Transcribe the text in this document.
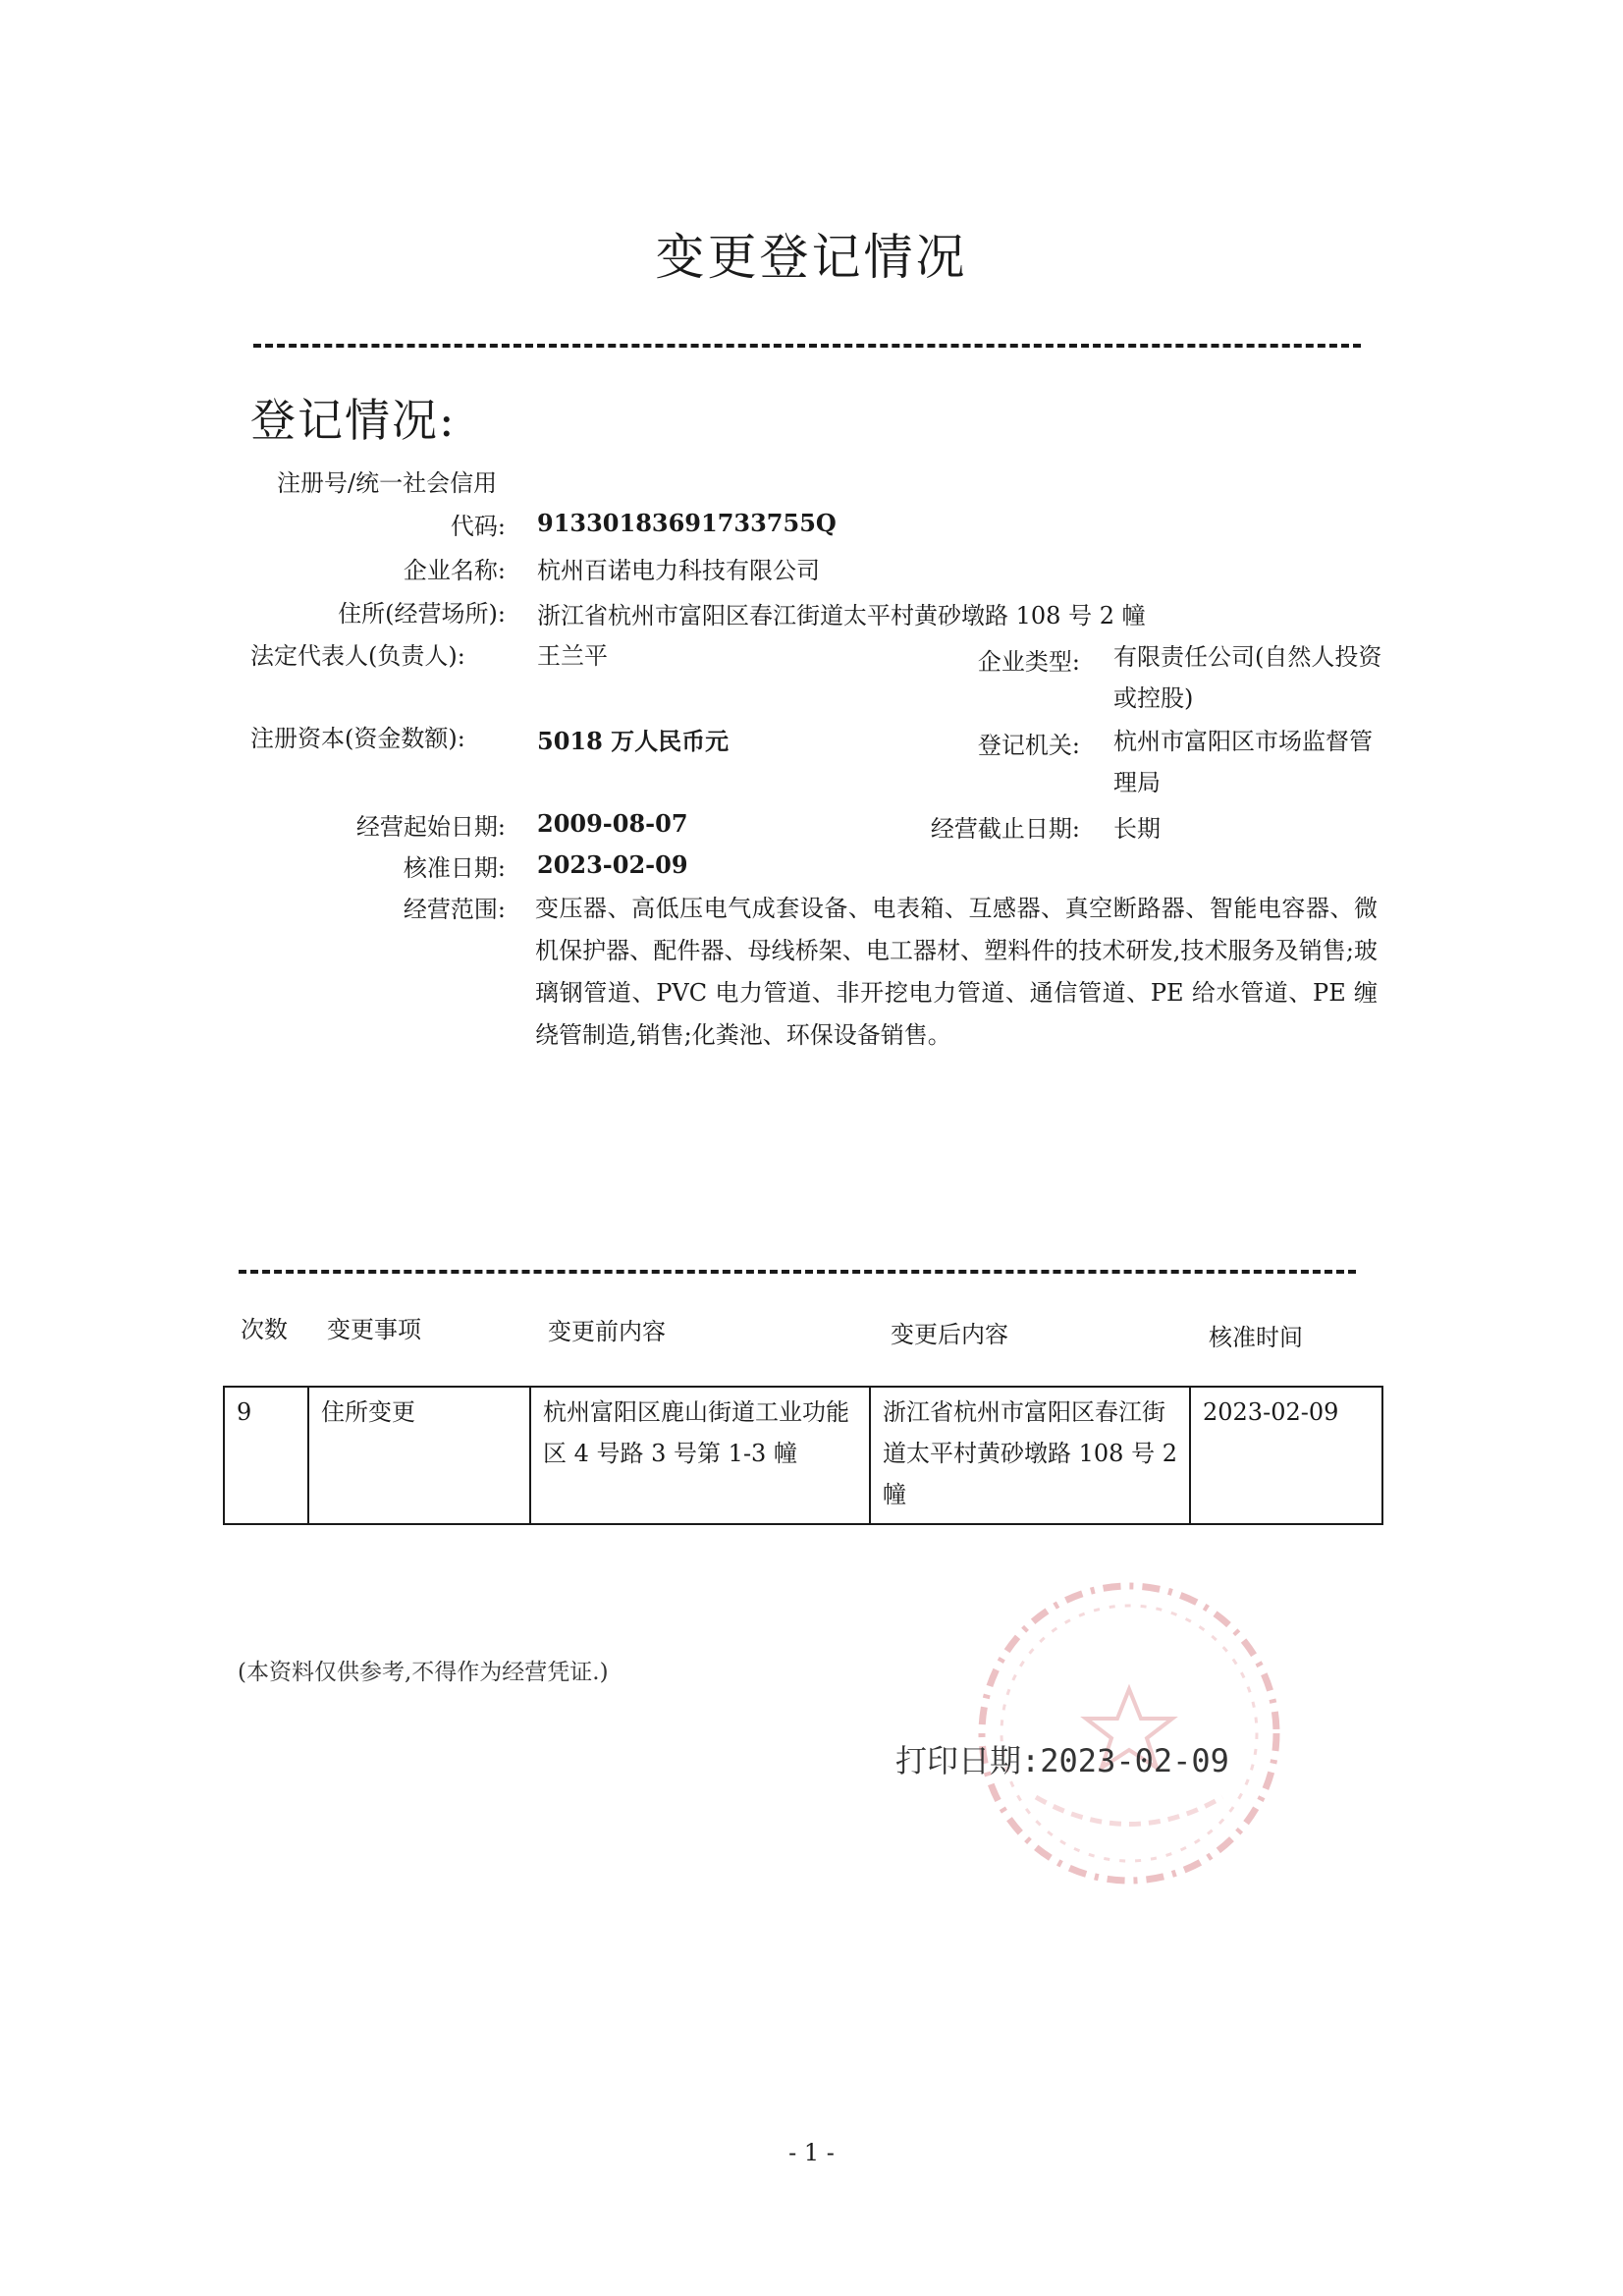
变更登记情况
登记情况:
注册号/统一社会信用
代码: 91330183691733755Q
企业名称: 杭州百诺电力科技有限公司
住所(经营场所): 浙江省杭州市富阳区春江街道太平村黄砂墩路 108 号 2 幢
法定代表人(负责人):	王兰平	企业类型: 有限责任公司(自然人投资或控股)
注册资本(资金数额):	5018 万人民币元	登记机关: 杭州市富阳区市场监督管理局
经营起始日期: 2009-08-07	经营截止日期: 长期
核准日期: 2023-02-09
经营范围: 变压器、高低压电气成套设备、电表箱、互感器、真空断路器、智能电容器、微机保护器、配件器、母线桥架、电工器材、塑料件的技术研发,技术服务及销售;玻璃钢管道、PVC 电力管道、非开挖电力管道、通信管道、PE 给水管道、PE 缠绕管制造,销售;化粪池、环保设备销售。
次数 变更事项	变更前内容	变更后内容	核准时间
9	住所变更	杭州富阳区鹿山街道工业功能区 4 号路 3 号第 1-3 幢	浙江省杭州市富阳区春江街道太平村黄砂墩路 108 号 2 幢	2023-02-09
(本资料仅供参考,不得作为经营凭证.)
打印日期:2023-02-09
- 1 -
